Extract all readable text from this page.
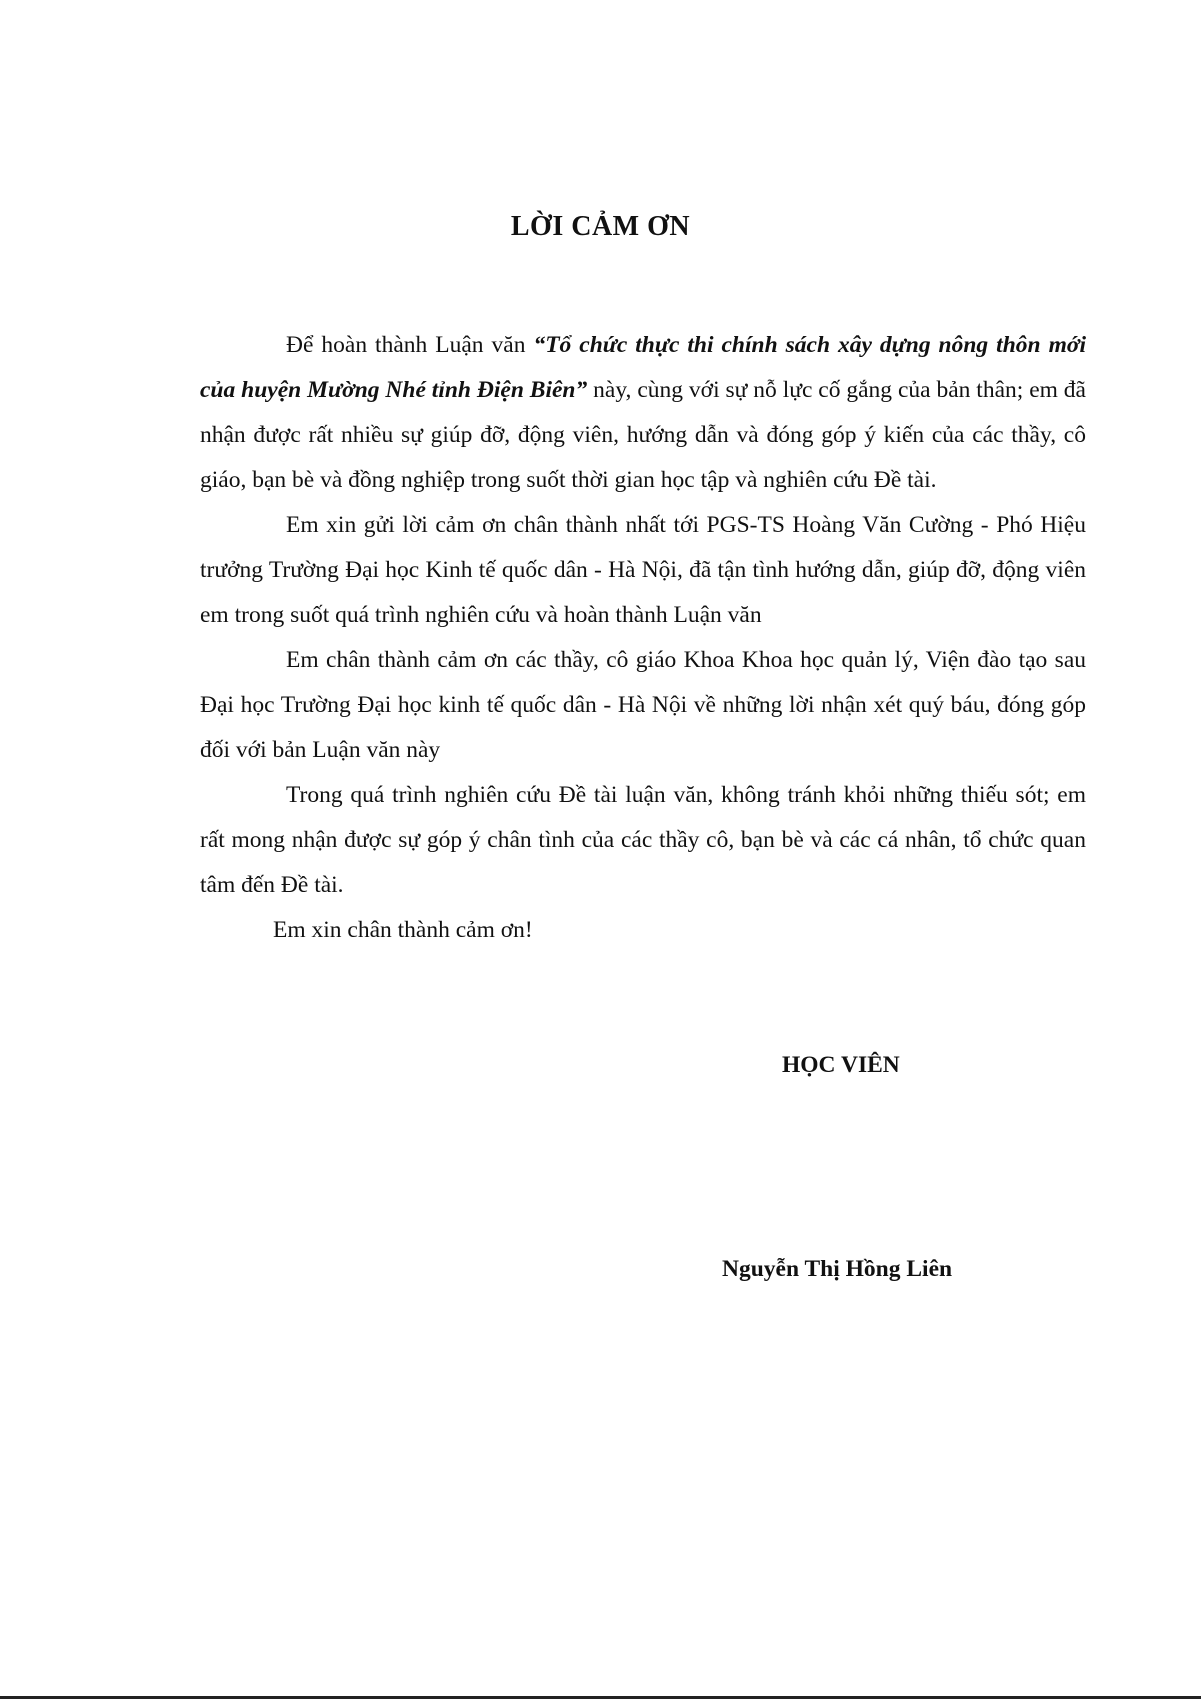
LỜI CẢM ƠN

Để hoàn thành Luận văn “Tổ chức thực thi chính sách xây dựng nông thôn mới của huyện Mường Nhé tỉnh Điện Biên” này, cùng với sự nỗ lực cố gắng của bản thân; em đã nhận được rất nhiều sự giúp đỡ, động viên, hướng dẫn và đóng góp ý kiến của các thầy, cô giáo, bạn bè và đồng nghiệp trong suốt thời gian học tập và nghiên cứu Đề tài.

Em xin gửi lời cảm ơn chân thành nhất tới PGS-TS Hoàng Văn Cường - Phó Hiệu trưởng Trường Đại học Kinh tế quốc dân - Hà Nội, đã tận tình hướng dẫn, giúp đỡ, động viên em trong suốt quá trình nghiên cứu và hoàn thành Luận văn

Em chân thành cảm ơn các thầy, cô giáo Khoa Khoa học quản lý, Viện đào tạo sau Đại học Trường Đại học kinh tế quốc dân - Hà Nội về những lời nhận xét quý báu, đóng góp đối với bản Luận văn này

Trong quá trình nghiên cứu Đề tài luận văn, không tránh khỏi những thiếu sót; em rất mong nhận được sự góp ý chân tình của các thầy cô, bạn bè và các cá nhân, tổ chức quan tâm đến Đề tài.

Em xin chân thành cảm ơn!

HỌC VIÊN
Nguyễn Thị Hồng Liên
